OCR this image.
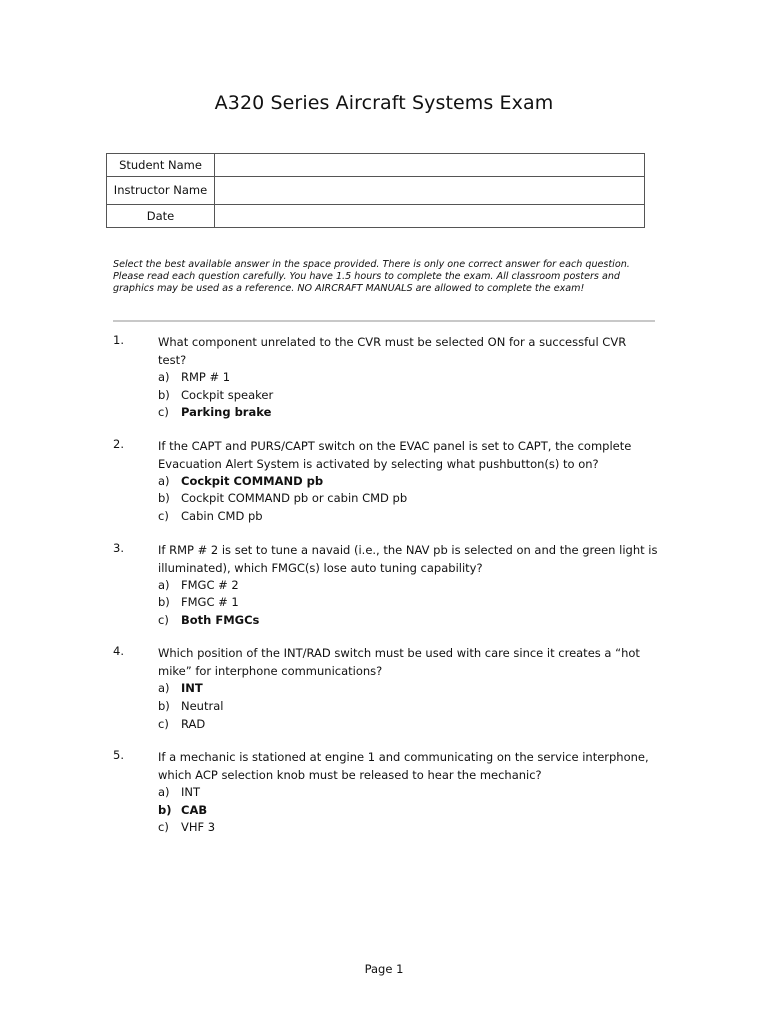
A320 Series Aircraft Systems Exam
Student Name	
Instructor Name	
Date	
Select the best available answer in the space provided. There is only one correct answer for each question. Please read each question carefully. You have 1.5 hours to complete the exam. All classroom posters and graphics may be used as a reference. NO AIRCRAFT MANUALS are allowed to complete the exam!
1.	What component unrelated to the CVR must be selected ON for a successful CVR test?
a) RMP # 1
b) Cockpit speaker
c) Parking brake
2.	If the CAPT and PURS/CAPT switch on the EVAC panel is set to CAPT, the complete Evacuation Alert System is activated by selecting what pushbutton(s) to on?
a) Cockpit COMMAND pb
b) Cockpit COMMAND pb or cabin CMD pb
c) Cabin CMD pb
3.	If RMP # 2 is set to tune a navaid (i.e., the NAV pb is selected on and the green light is illuminated), which FMGC(s) lose auto tuning capability?
a) FMGC # 2
b) FMGC # 1
c) Both FMGCs
4.	Which position of the INT/RAD switch must be used with care since it creates a “hot mike” for interphone communications?
a) INT
b) Neutral
c) RAD
5.	If a mechanic is stationed at engine 1 and communicating on the service interphone, which ACP selection knob must be released to hear the mechanic?
a) INT
b) CAB
c) VHF 3
Page 1
